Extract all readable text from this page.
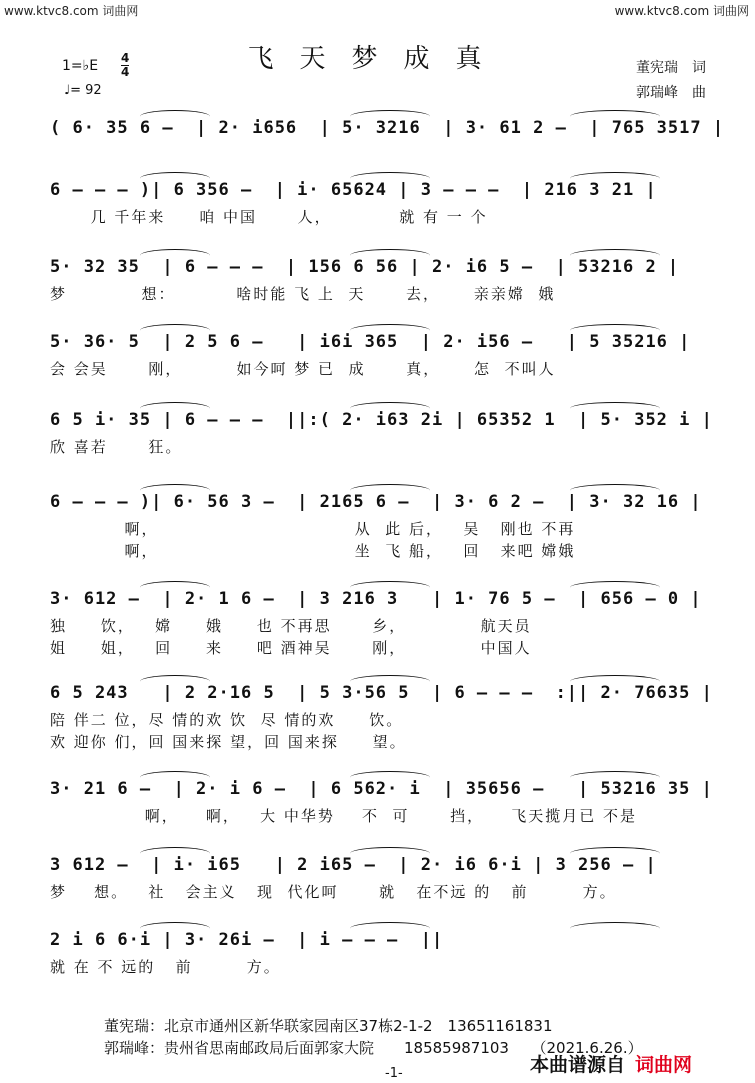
www.ktvc8.com 词曲网	www.ktvc8.com 词曲网
飞天梦成真
1=♭E 4
4
♩= 92
董宪瑞　词
郭瑞峰　曲
( 6· 35 6 –  | 2· i656  | 5· 3216  | 3· 61 2 –  | 765 3517 |
6 – – – )| 6 356 –  | i· 65624 | 3 – – –  | 216 3 21 |
几 千年来     咱 中国      人，          就 有 一 个
5· 32 35  | 6 – – –  | 156 6 56 | 2· i6 5 –  | 53216 2 |
梦           想：         啥时能 飞 上  天      去，     亲亲嫦  娥
5· 36· 5  | 2 5 6 –   | i6i 365  | 2· i56 –   | 5 35216 |
会 会吴      刚，        如今呵 梦 已  成      真，     怎  不叫人
6 5 i· 35 | 6 – – –  ||:( 2· i63 2i | 65352 1  | 5· 352 i |
欣 喜若      狂。
6 – – – )| 6· 56 3 –  | 2165 6 –  | 3· 6 2 –  | 3· 32 16 |
啊，                             从  此 后，   吴   刚也 不再
啊，                             坐  飞 船，   回   来吧 嫦娥
3· 612 –  | 2· 1 6 –  | 3 216 3   | 1· 76 5 –  | 656 – 0 |
独     饮，   嫦     娥     也 不再思      乡，           航天员
姐     姐，   回     来     吧 酒神吴      刚，           中国人
6 5 243   | 2 2·16 5  | 5 3·56 5  | 6 – – –  :|| 2· 76635 |
陪 伴二 位，尽 情的欢 饮  尽 情的欢     饮。
欢 迎你 们，回 国来探 望，回 国来探     望。
3· 21 6 –  | 2· i 6 –  | 6 562· i  | 35656 –   | 53216 35 |
啊，    啊，   大 中华势    不  可      挡，    飞天揽月已 不是
3 612 –  | i· i65   | 2 i65 –  | 2· i6 6·i | 3 256 – |
梦    想。   社   会主义   现  代化呵      就   在不远 的   前        方。
2 i 6 6·i | 3· 26i –  | i – – –  ||
就 在 不 远的   前        方。
董宪瑞：北京市通州区新华联家园南区37栋2-1-2　13651161831
郭瑞峰：贵州省思南邮政局后面郭家大院　　18585987103　　（2021.6.26.）
本曲谱源自 词曲网
-1-
